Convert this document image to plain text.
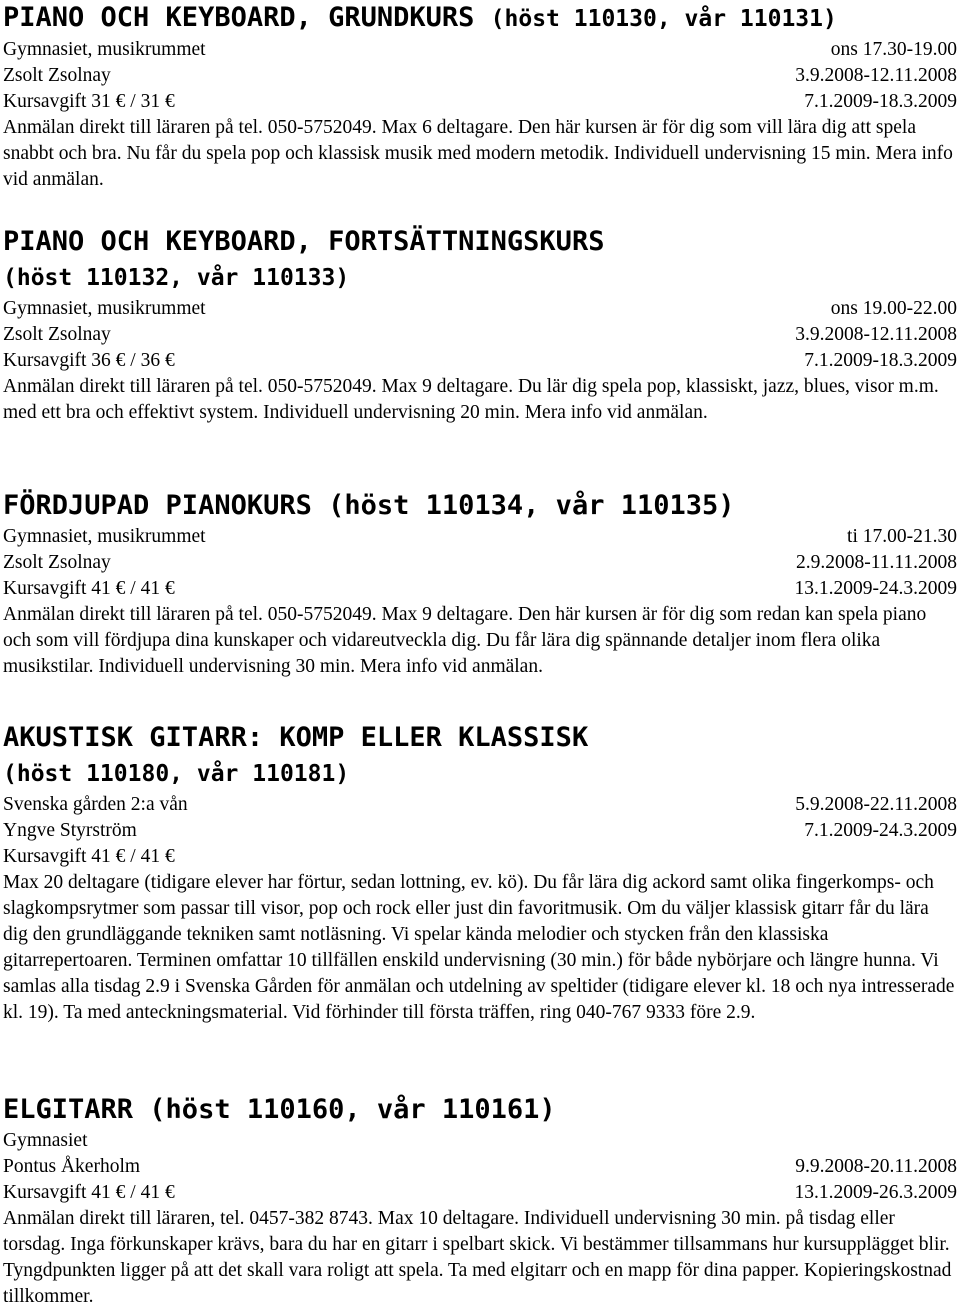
PIANO OCH KEYBOARD, GRUNDKURS (höst 110130, vår 110131)
Gymnasiet, musikrummet	ons 17.30-19.00
Zsolt Zsolnay	3.9.2008-12.11.2008
Kursavgift 31 € / 31 €	7.1.2009-18.3.2009

Anmälan direkt till läraren på tel. 050-5752049. Max 6 deltagare. Den här kursen är för dig som vill lära dig att spela snabbt och bra. Nu får du spela pop och klassisk musik med modern metodik. Individuell undervisning 15 min. Mera info vid anmälan.

PIANO OCH KEYBOARD, FORTSÄTTNINGSKURS
(höst 110132, vår 110133)
Gymnasiet, musikrummet	ons 19.00-22.00
Zsolt Zsolnay	3.9.2008-12.11.2008
Kursavgift 36 € / 36 €	7.1.2009-18.3.2009

Anmälan direkt till läraren på tel. 050-5752049. Max 9 deltagare. Du lär dig spela pop, klassiskt, jazz, blues, visor m.m. med ett bra och effektivt system. Individuell undervisning 20 min. Mera info vid anmälan.

FÖRDJUPAD PIANOKURS (höst 110134, vår 110135)
Gymnasiet, musikrummet	ti 17.00-21.30
Zsolt Zsolnay	2.9.2008-11.11.2008
Kursavgift 41 € / 41 €	13.1.2009-24.3.2009

Anmälan direkt till läraren på tel. 050-5752049. Max 9 deltagare. Den här kursen är för dig som redan kan spela piano och som vill fördjupa dina kunskaper och vidareutveckla dig. Du får lära dig spännande detaljer inom flera olika musikstilar. Individuell undervisning 30 min. Mera info vid anmälan.

AKUSTISK GITARR: KOMP ELLER KLASSISK
(höst 110180, vår 110181)
Svenska gården 2:a vån	5.9.2008-22.11.2008
Yngve Styrström	7.1.2009-24.3.2009
Kursavgift 41 € / 41 €

Max 20 deltagare (tidigare elever har förtur, sedan lottning, ev. kö). Du får lära dig ackord samt olika fingerkomps- och slagkompsrytmer som passar till visor, pop och rock eller just din favoritmusik. Om du väljer klassisk gitarr får du lära dig den grundläggande tekniken samt notläsning. Vi spelar kända melodier och stycken från den klassiska gitarrepertoaren. Terminen omfattar 10 tillfällen enskild undervisning (30 min.) för både nybörjare och längre hunna. Vi samlas alla tisdag 2.9 i Svenska Gården för anmälan och utdelning av speltider (tidigare elever kl. 18 och nya intresserade kl. 19). Ta med anteckningsmaterial. Vid förhinder till första träffen, ring 040-767 9333 före 2.9.

ELGITARR (höst 110160, vår 110161)
Gymnasiet
Pontus Åkerholm	9.9.2008-20.11.2008
Kursavgift 41 € / 41 €	13.1.2009-26.3.2009

Anmälan direkt till läraren, tel. 0457-382 8743. Max 10 deltagare. Individuell undervisning 30 min. på tisdag eller torsdag. Inga förkunskaper krävs, bara du har en gitarr i spelbart skick. Vi bestämmer tillsammans hur kursupplägget blir. Tyngdpunkten ligger på att det skall vara roligt att spela. Ta med elgitarr och en mapp för dina papper. Kopieringskostnad tillkommer.
